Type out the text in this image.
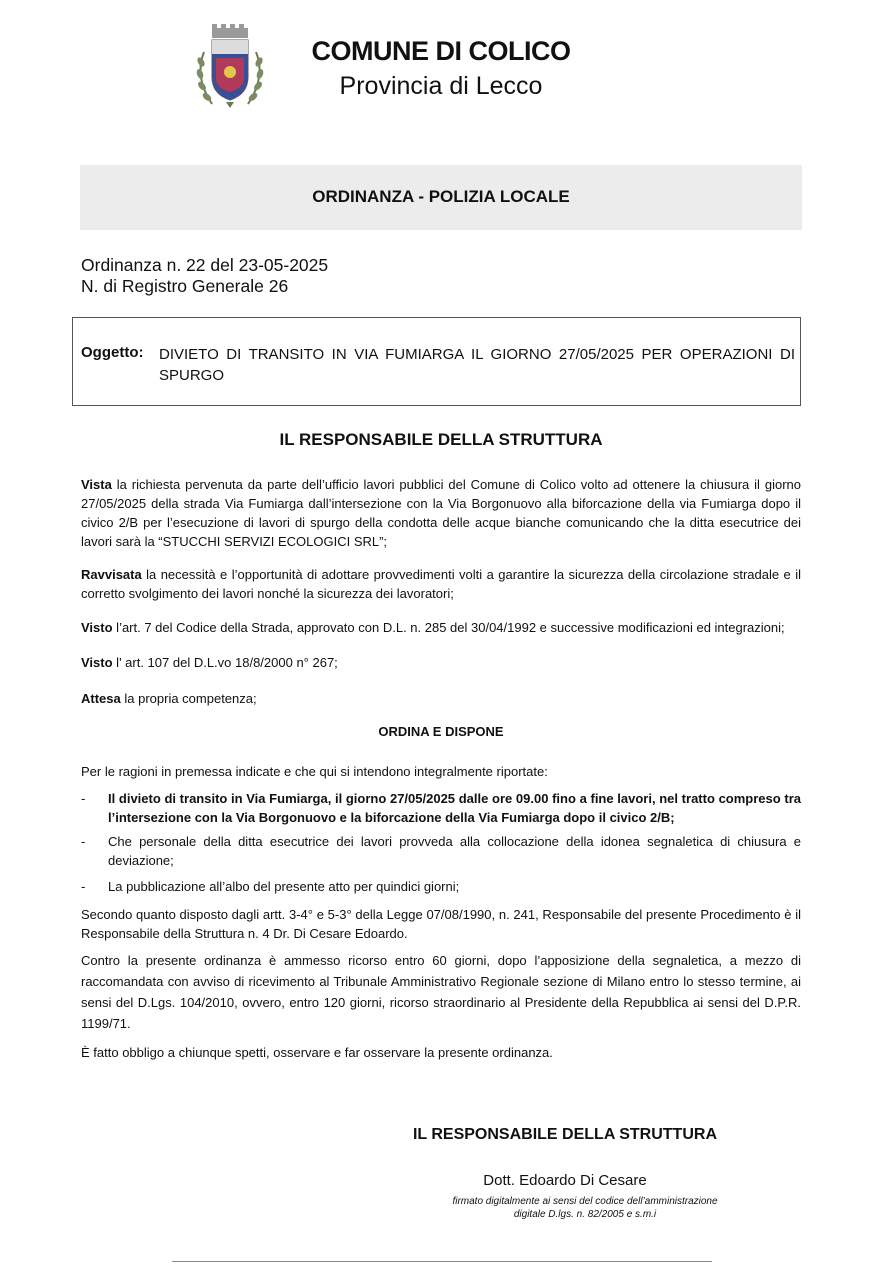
COMUNE DI COLICO
Provincia di Lecco
ORDINANZA - POLIZIA LOCALE
Ordinanza n. 22 del 23-05-2025
N. di Registro Generale 26
Oggetto: DIVIETO DI TRANSITO IN VIA FUMIARGA IL GIORNO 27/05/2025 PER OPERAZIONI DI SPURGO
IL RESPONSABILE DELLA STRUTTURA
Vista la richiesta pervenuta da parte dell’ufficio lavori pubblici del Comune di Colico volto ad ottenere la chiusura il giorno 27/05/2025 della strada Via Fumiarga dall’intersezione con la Via Borgonuovo alla biforcazione della via Fumiarga dopo il civico 2/B per l’esecuzione di lavori di spurgo della condotta delle acque bianche comunicando che la ditta esecutrice dei lavori sarà la “STUCCHI SERVIZI ECOLOGICI SRL”;
Ravvisata la necessità e l’opportunità di adottare provvedimenti volti a garantire la sicurezza della circolazione stradale e il corretto svolgimento dei lavori nonché la sicurezza dei lavoratori;
Visto l’art. 7 del Codice della Strada, approvato con D.L. n. 285 del 30/04/1992 e successive modificazioni ed integrazioni;
Visto l' art. 107 del D.L.vo 18/8/2000 n° 267;
Attesa la propria competenza;
ORDINA E DISPONE
Per le ragioni in premessa indicate e che qui si intendono integralmente riportate:
- Il divieto di transito in Via Fumiarga, il giorno 27/05/2025 dalle ore 09.00 fino a fine lavori, nel tratto compreso tra l’intersezione con la Via Borgonuovo e la biforcazione della Via Fumiarga dopo il civico 2/B;
- Che personale della ditta esecutrice dei lavori provveda alla collocazione della idonea segnaletica di chiusura e deviazione;
- La pubblicazione all’albo del presente atto per quindici giorni;
Secondo quanto disposto dagli artt. 3-4° e 5-3° della Legge 07/08/1990, n. 241, Responsabile del presente Procedimento è il Responsabile della Struttura n. 4 Dr. Di Cesare Edoardo.
Contro la presente ordinanza è ammesso ricorso entro 60 giorni, dopo l’apposizione della segnaletica, a mezzo di raccomandata con avviso di ricevimento al Tribunale Amministrativo Regionale sezione di Milano entro lo stesso termine, ai sensi del D.Lgs. 104/2010, ovvero, entro 120 giorni, ricorso straordinario al Presidente della Repubblica ai sensi del D.P.R. 1199/71.
È fatto obbligo a chiunque spetti, osservare e far osservare la presente ordinanza.
IL RESPONSABILE DELLA STRUTTURA
Dott. Edoardo Di Cesare
firmato digitalmente ai sensi del codice dell’amministrazione
digitale D.lgs. n. 82/2005 e s.m.i
